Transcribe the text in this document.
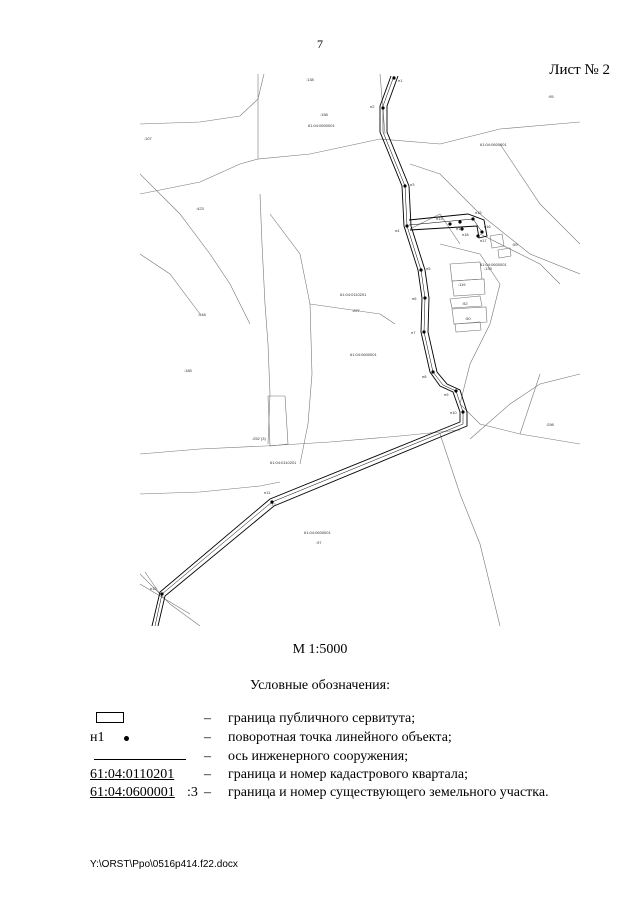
7
Лист № 2
:138
:158
:107
:423
:548
:185
:227
:95
:119
:52
:50
:252 (3)
:97
:72
:298
:139
:59
61:04:0600001
61:04:0600001
61:04:0110201
61:04:0600001
61:04:0110201
61:04:0600001
61:04:0600001
н1
н2
н3
н4
н5
н6
н7
н8
н9
н10
н11
н12
н13
н14
н15
н16
н17
н18
М 1:5000
Условные обозначения:
– граница публичного сервитута;
н1	– поворотная точка линейного объекта;
– ось инженерного сооружения;
61:04:0110201 – граница и номер кадастрового квартала;
61:04:0600001 :3 – граница и номер существующего земельного участка.
Y:\ORST\Ppo\0516p414.f22.docx
